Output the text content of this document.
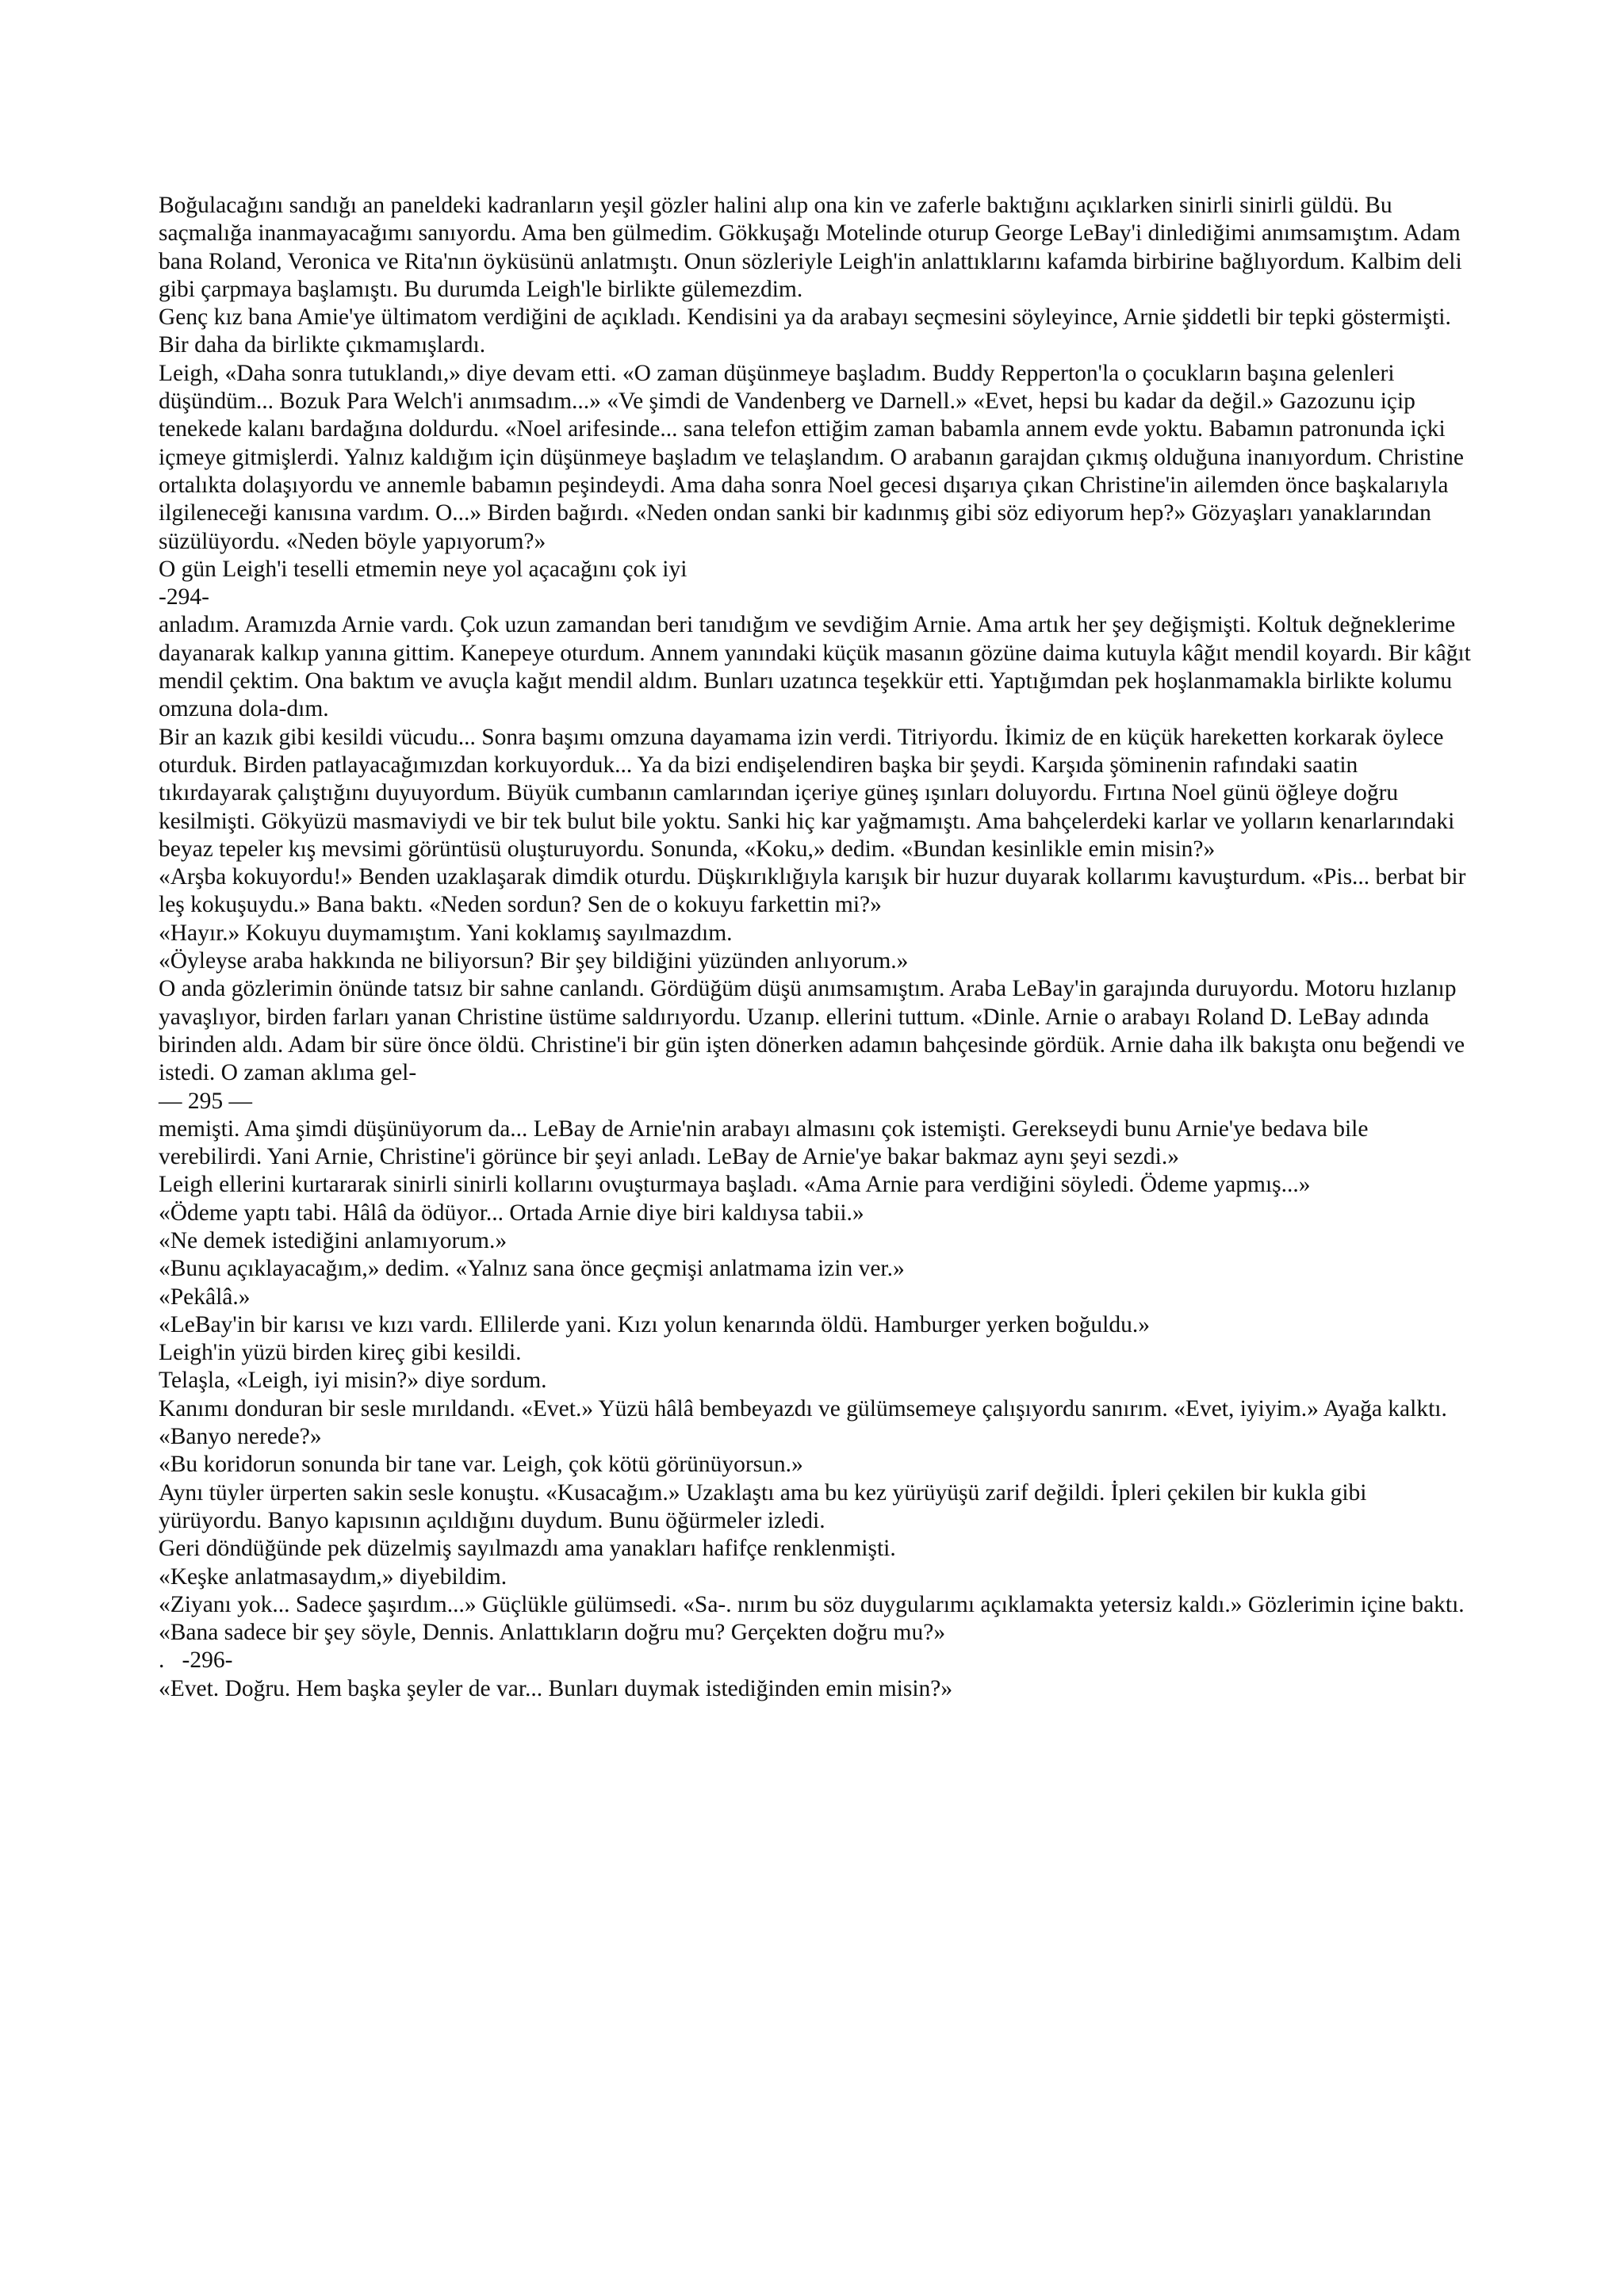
Boğulacağını sandığı an paneldeki kadranların yeşil gözler halini alıp ona kin ve zaferle baktığını açıklarken sinirli sinirli güldü. Bu saçmalığa inanmayacağımı sanıyordu. Ama ben gülmedim. Gökkuşağı Motelinde oturup George LeBay'i dinlediğimi anımsamıştım. Adam bana Roland, Veronica ve Rita'nın öyküsünü anlatmıştı. Onun sözleriyle Leigh'in anlattıklarını kafamda birbirine bağlıyordum. Kalbim deli gibi çarpmaya başlamıştı. Bu durumda Leigh'le birlikte gülemezdim.

Genç kız bana Amie'ye ültimatom verdiğini de açıkladı. Kendisini ya da arabayı seçmesini söyleyince, Arnie şiddetli bir tepki göstermişti. Bir daha da birlikte çıkmamışlardı.

Leigh, «Daha sonra tutuklandı,» diye devam etti. «O zaman düşünmeye başladım. Buddy Repperton'la o çocukların başına gelenleri düşündüm... Bozuk Para Welch'i anımsadım...» «Ve şimdi de Vandenberg ve Darnell.» «Evet, hepsi bu kadar da değil.» Gazozunu içip tenekede kalanı bardağına doldurdu. «Noel arifesinde... sana telefon ettiğim zaman babamla annem evde yoktu. Babamın patronunda içki içmeye gitmişlerdi. Yalnız kaldığım için düşünmeye başladım ve telaşlandım. O arabanın garajdan çıkmış olduğuna inanıyordum. Christine ortalıkta dolaşıyordu ve annemle babamın peşindeydi. Ama daha sonra Noel gecesi dışarıya çıkan Christine'in ailemden önce başkalarıyla ilgileneceği kanısına vardım. O...» Birden bağırdı. «Neden ondan sanki bir kadınmış gibi söz ediyorum hep?» Gözyaşları yanaklarından süzülüyordu. «Neden böyle yapıyorum?»

O gün Leigh'i teselli etmemin neye yol açacağını çok iyi

-294-

anladım. Aramızda Arnie vardı. Çok uzun zamandan beri tanıdığım ve sevdiğim Arnie. Ama artık her şey değişmişti. Koltuk değneklerime dayanarak kalkıp yanına gittim. Kanepeye oturdum. Annem yanındaki küçük masanın gözüne daima kutuyla kâğıt mendil koyardı. Bir kâğıt mendil çektim. Ona baktım ve avuçla kağıt mendil aldım. Bunları uzatınca teşekkür etti. Yaptığımdan pek hoşlanmamakla birlikte kolumu omzuna dola-dım.

Bir an kazık gibi kesildi vücudu... Sonra başımı omzuna dayamama izin verdi. Titriyordu. İkimiz de en küçük hareketten korkarak öylece oturduk. Birden patlayacağımızdan korkuyorduk... Ya da bizi endişelendiren başka bir şeydi. Karşıda şöminenin rafındaki saatin tıkırdayarak çalıştığını duyuyordum. Büyük cumbanın camlarından içeriye güneş ışınları doluyordu. Fırtına Noel günü öğleye doğru kesilmişti. Gökyüzü masmaviydi ve bir tek bulut bile yoktu. Sanki hiç kar yağmamıştı. Ama bahçelerdeki karlar ve yolların kenarlarındaki beyaz tepeler kış mevsimi görüntüsü oluşturuyordu. Sonunda, «Koku,» dedim. «Bundan kesinlikle emin misin?»

«Arşba kokuyordu!» Benden uzaklaşarak dimdik oturdu. Düşkırıklığıyla karışık bir huzur duyarak kollarımı kavuşturdum. «Pis... berbat bir leş kokuşuydu.» Bana baktı. «Neden sordun? Sen de o kokuyu farkettin mi?»

«Hayır.» Kokuyu duymamıştım. Yani koklamış sayılmazdım.

«Öyleyse araba hakkında ne biliyorsun? Bir şey bildiğini yüzünden anlıyorum.»

O anda gözlerimin önünde tatsız bir sahne canlandı. Gördüğüm düşü anımsamıştım. Araba LeBay'in garajında duruyordu. Motoru hızlanıp yavaşlıyor, birden farları yanan Christine üstüme saldırıyordu. Uzanıp. ellerini tuttum. «Dinle. Arnie o arabayı Roland D. LeBay adında birinden aldı. Adam bir süre önce öldü. Christine'i bir gün işten dönerken adamın bahçesinde gördük. Arnie daha ilk bakışta onu beğendi ve istedi. O zaman aklıma gel-

— 295 —

memişti. Ama şimdi düşünüyorum da... LeBay de Arnie'nin arabayı almasını çok istemişti. Gerekseydi bunu Arnie'ye bedava bile verebilirdi. Yani Arnie, Christine'i görünce bir şeyi anladı. LeBay de Arnie'ye bakar bakmaz aynı şeyi sezdi.»

Leigh ellerini kurtararak sinirli sinirli kollarını ovuşturmaya başladı. «Ama Arnie para verdiğini söyledi. Ödeme yapmış...»

«Ödeme yaptı tabi. Hâlâ da ödüyor... Ortada Arnie diye biri kaldıysa tabii.»

«Ne demek istediğini anlamıyorum.»

«Bunu açıklayacağım,» dedim. «Yalnız sana önce geçmişi anlatmama izin ver.»

«Pekâlâ.»

«LeBay'in bir karısı ve kızı vardı. Ellilerde yani. Kızı yolun kenarında öldü. Hamburger yerken boğuldu.»

Leigh'in yüzü birden kireç gibi kesildi.

Telaşla, «Leigh, iyi misin?» diye sordum.

Kanımı donduran bir sesle mırıldandı. «Evet.» Yüzü hâlâ bembeyazdı ve gülümsemeye çalışıyordu sanırım. «Evet, iyiyim.» Ayağa kalktı. «Banyo nerede?»

«Bu koridorun sonunda bir tane var. Leigh, çok kötü görünüyorsun.»

Aynı tüyler ürperten sakin sesle konuştu. «Kusacağım.» Uzaklaştı ama bu kez yürüyüşü zarif değildi. İpleri çekilen bir kukla gibi yürüyordu. Banyo kapısının açıldığını duydum. Bunu öğürmeler izledi.

Geri döndüğünde pek düzelmiş sayılmazdı ama yanakları hafifçe renklenmişti.

«Keşke anlatmasaydım,» diyebildim.

«Ziyanı yok... Sadece şaşırdım...» Güçlükle gülümsedi. «Sa-. nırım bu söz duygularımı açıklamakta yetersiz kaldı.» Gözlerimin içine baktı.

«Bana sadece bir şey söyle, Dennis. Anlattıkların doğru mu? Gerçekten doğru mu?»

.   -296-

«Evet. Doğru. Hem başka şeyler de var... Bunları duymak istediğinden emin misin?»
